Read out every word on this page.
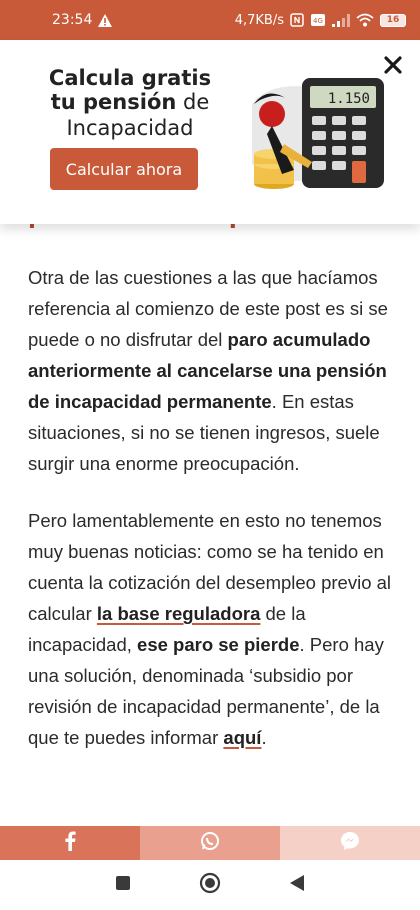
23:54	4,7KB/s	4G	16
Calcula gratis
tu pensión de
Incapacidad
Calcular ahora
1.150

Otra de las cuestiones a las que hacíamos referencia al comienzo de este post es si se puede o no disfrutar del paro acumulado anteriormente al cancelarse una pensión de incapacidad permanente. En estas situaciones, si no se tienen ingresos, suele surgir una enorme preocupación.

Pero lamentablemente en esto no tenemos muy buenas noticias: como se ha tenido en cuenta la cotización del desempleo previo al calcular la base reguladora de la incapacidad, ese paro se pierde. Pero hay una solución, denominada ‘subsidio por revisión de incapacidad permanente’, de la que te puedes informar aquí.
